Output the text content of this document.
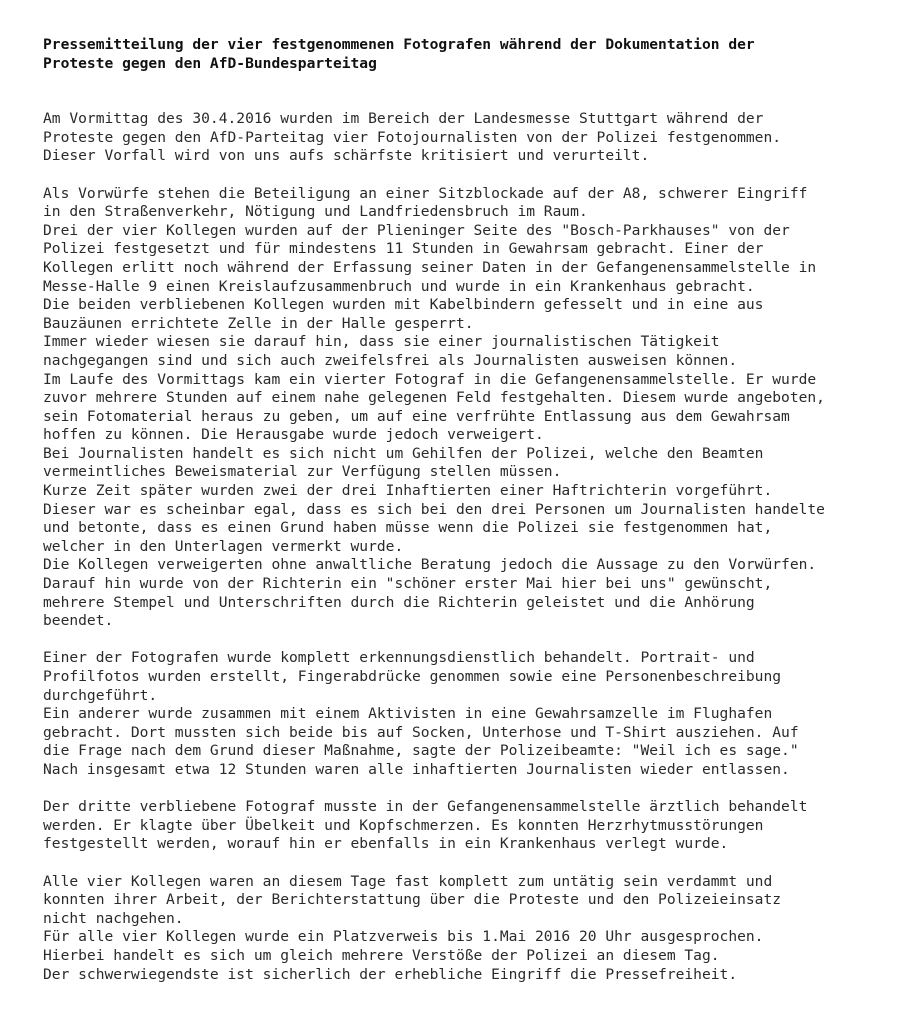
Pressemitteilung der vier festgenommenen Fotografen während der Dokumentation der
Proteste gegen den AfD-Bundesparteitag
Am Vormittag des 30.4.2016 wurden im Bereich der Landesmesse Stuttgart während der
Proteste gegen den AfD-Parteitag vier Fotojournalisten von der Polizei festgenommen.
Dieser Vorfall wird von uns aufs schärfste kritisiert und verurteilt.
Als Vorwürfe stehen die Beteiligung an einer Sitzblockade auf der A8, schwerer Eingriff
in den Straßenverkehr, Nötigung und Landfriedensbruch im Raum.
Drei der vier Kollegen wurden auf der Plieninger Seite des "Bosch-Parkhauses" von der
Polizei festgesetzt und für mindestens 11 Stunden in Gewahrsam gebracht. Einer der
Kollegen erlitt noch während der Erfassung seiner Daten in der Gefangenensammelstelle in
Messe-Halle 9 einen Kreislaufzusammenbruch und wurde in ein Krankenhaus gebracht.
Die beiden verbliebenen Kollegen wurden mit Kabelbindern gefesselt und in eine aus
Bauzäunen errichtete Zelle in der Halle gesperrt.
Immer wieder wiesen sie darauf hin, dass sie einer journalistischen Tätigkeit
nachgegangen sind und sich auch zweifelsfrei als Journalisten ausweisen können.
Im Laufe des Vormittags kam ein vierter Fotograf in die Gefangenensammelstelle. Er wurde
zuvor mehrere Stunden auf einem nahe gelegenen Feld festgehalten. Diesem wurde angeboten,
sein Fotomaterial heraus zu geben, um auf eine verfrühte Entlassung aus dem Gewahrsam
hoffen zu können. Die Herausgabe wurde jedoch verweigert.
Bei Journalisten handelt es sich nicht um Gehilfen der Polizei, welche den Beamten
vermeintliches Beweismaterial zur Verfügung stellen müssen.
Kurze Zeit später wurden zwei der drei Inhaftierten einer Haftrichterin vorgeführt.
Dieser war es scheinbar egal, dass es sich bei den drei Personen um Journalisten handelte
und betonte, dass es einen Grund haben müsse wenn die Polizei sie festgenommen hat,
welcher in den Unterlagen vermerkt wurde.
Die Kollegen verweigerten ohne anwaltliche Beratung jedoch die Aussage zu den Vorwürfen.
Darauf hin wurde von der Richterin ein "schöner erster Mai hier bei uns" gewünscht,
mehrere Stempel und Unterschriften durch die Richterin geleistet und die Anhörung
beendet.
Einer der Fotografen wurde komplett erkennungsdienstlich behandelt. Portrait- und
Profilfotos wurden erstellt, Fingerabdrücke genommen sowie eine Personenbeschreibung
durchgeführt.
Ein anderer wurde zusammen mit einem Aktivisten in eine Gewahrsamzelle im Flughafen
gebracht. Dort mussten sich beide bis auf Socken, Unterhose und T-Shirt ausziehen. Auf
die Frage nach dem Grund dieser Maßnahme, sagte der Polizeibeamte: "Weil ich es sage."
Nach insgesamt etwa 12 Stunden waren alle inhaftierten Journalisten wieder entlassen.
Der dritte verbliebene Fotograf musste in der Gefangenensammelstelle ärztlich behandelt
werden. Er klagte über Übelkeit und Kopfschmerzen. Es konnten Herzrhytmusstörungen
festgestellt werden, worauf hin er ebenfalls in ein Krankenhaus verlegt wurde.
Alle vier Kollegen waren an diesem Tage fast komplett zum untätig sein verdammt und
konnten ihrer Arbeit, der Berichterstattung über die Proteste und den Polizeieinsatz
nicht nachgehen.
Für alle vier Kollegen wurde ein Platzverweis bis 1.Mai 2016 20 Uhr ausgesprochen.
Hierbei handelt es sich um gleich mehrere Verstöße der Polizei an diesem Tag.
Der schwerwiegendste ist sicherlich der erhebliche Eingriff die Pressefreiheit.
